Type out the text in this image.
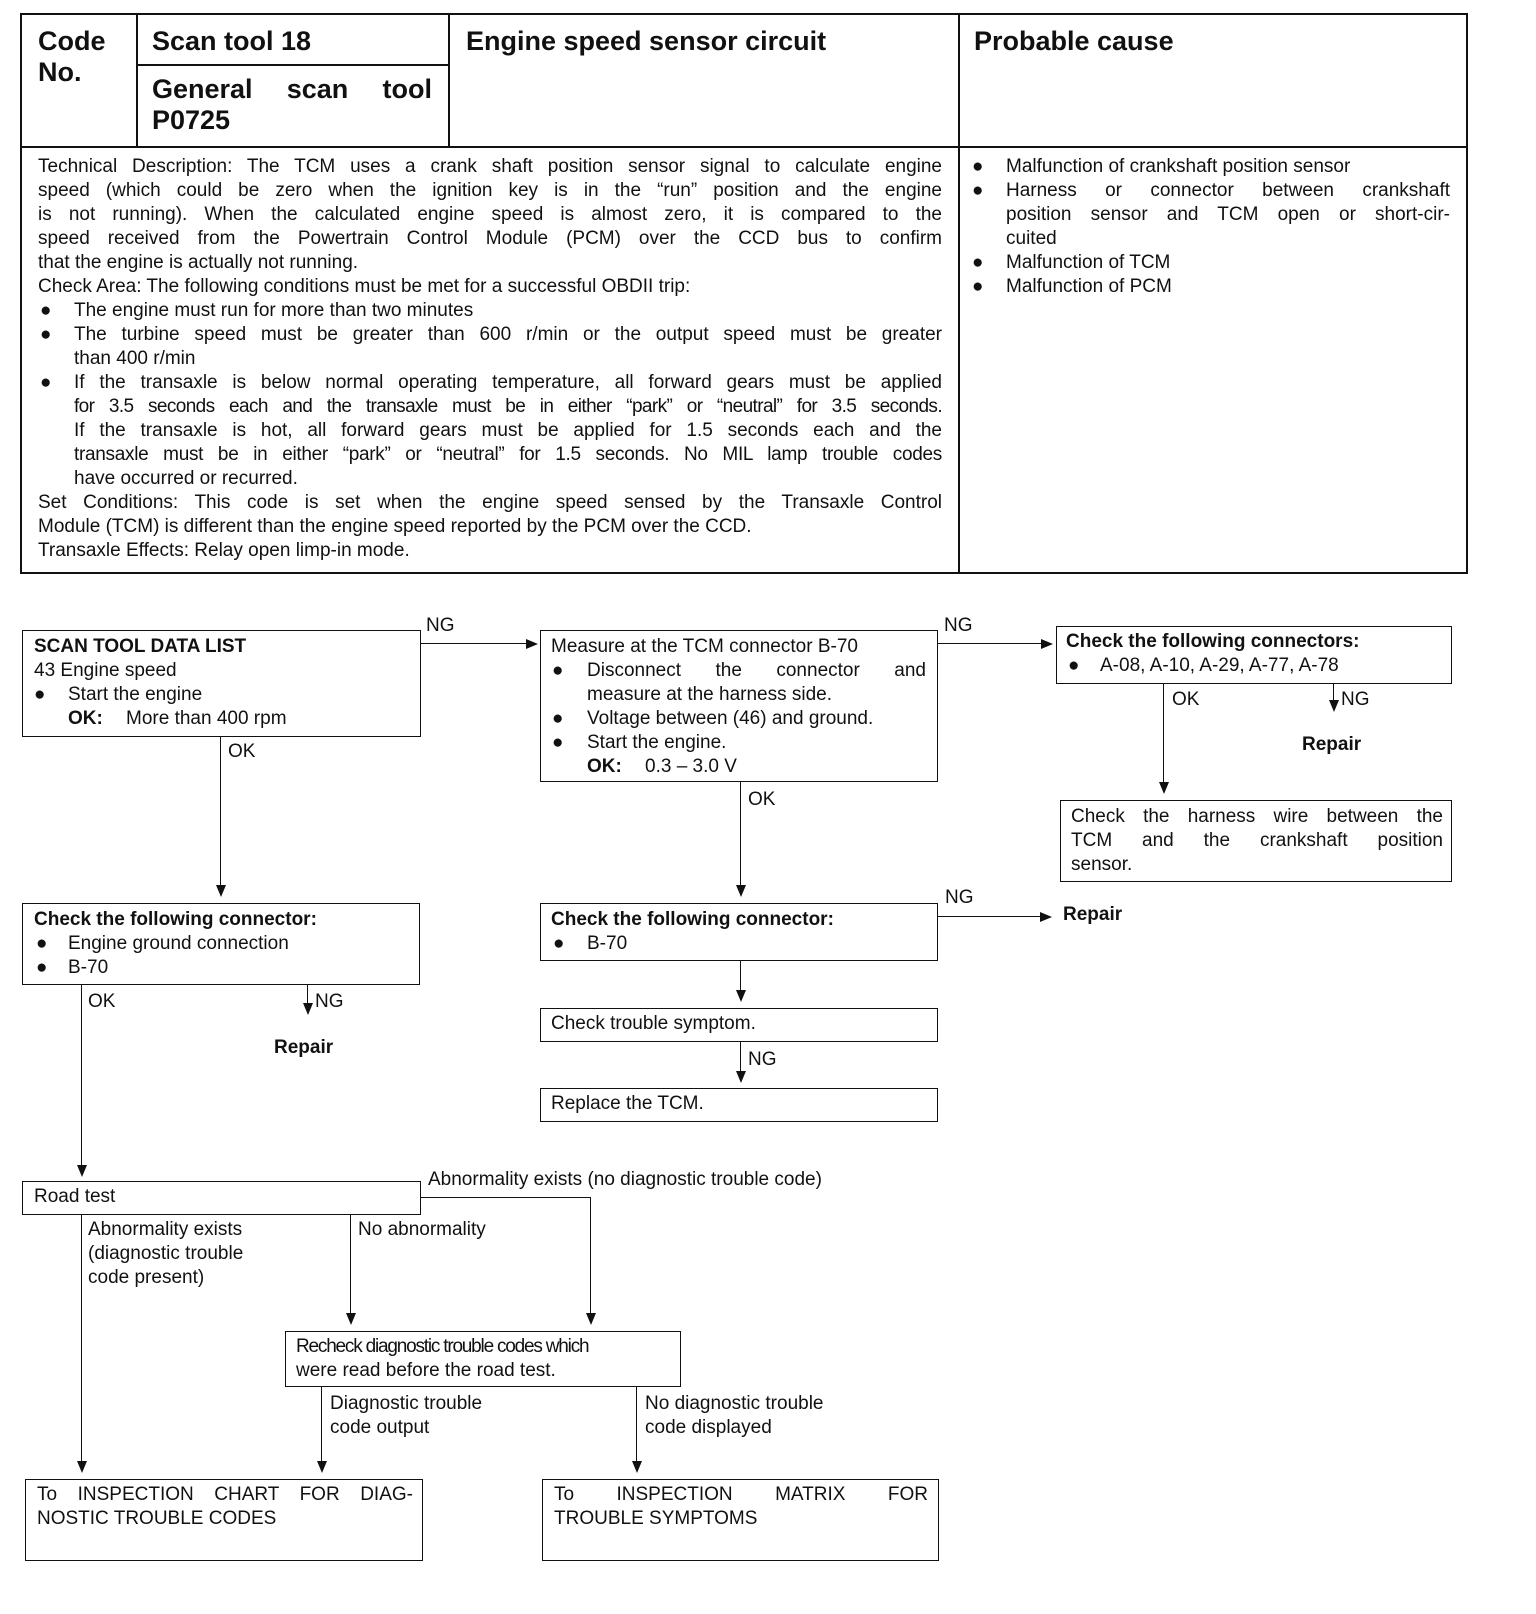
Code No.
Scan tool 18
General scan tool
P0725
Engine speed sensor circuit	Probable cause
Technical Description: The TCM uses a crank shaft position sensor signal to calculate engine
speed (which could be zero when the ignition key is in the “run” position and the engine
is not running). When the calculated engine speed is almost zero, it is compared to the
speed received from the Powertrain Control Module (PCM) over the CCD bus to confirm
that the engine is actually not running.
Check Area: The following conditions must be met for a successful OBDII trip:
● The engine must run for more than two minutes
● The turbine speed must be greater than 600 r/min or the output speed must be greater
than 400 r/min
● If the transaxle is below normal operating temperature, all forward gears must be applied
for 3.5 seconds each and the transaxle must be in either “park” or “neutral” for 3.5 seconds.
If the transaxle is hot, all forward gears must be applied for 1.5 seconds each and the
transaxle must be in either “park” or “neutral” for 1.5 seconds. No MIL lamp trouble codes
have occurred or recurred.
Set Conditions: This code is set when the engine speed sensed by the Transaxle Control
Module (TCM) is different than the engine speed reported by the PCM over the CCD.
Transaxle Effects: Relay open limp-in mode.
● Malfunction of crankshaft position sensor
● Harness or connector between crankshaft
position sensor and TCM open or short-cir-
cuited
● Malfunction of TCM
● Malfunction of PCM
SCAN TOOL DATA LIST
43 Engine speed
● Start the engine
OK: More than 400 rpm
NG
Measure at the TCM connector B-70
● Disconnect the connector and
measure at the harness side.
● Voltage between (46) and ground.
● Start the engine.
OK: 0.3 – 3.0 V
NG
Check the following connectors:
● A-08, A-10, A-29, A-77, A-78
OK	NG
Repair
Check the harness wire between the
TCM and the crankshaft position
sensor.
OK
OK
Check the following connector:
● Engine ground connection
● B-70
NG
Repair
OK
Check the following connector:
● B-70
NG
Repair
Check trouble symptom.
NG
Replace the TCM.
Road test
Abnormality exists (no diagnostic trouble code)
Abnormality exists
(diagnostic trouble
code present)
No abnormality
Recheck diagnostic trouble codes which
were read before the road test.
Diagnostic trouble
code output
No diagnostic trouble
code displayed
To INSPECTION CHART FOR DIAG-
NOSTIC TROUBLE CODES
To INSPECTION MATRIX FOR
TROUBLE SYMPTOMS
